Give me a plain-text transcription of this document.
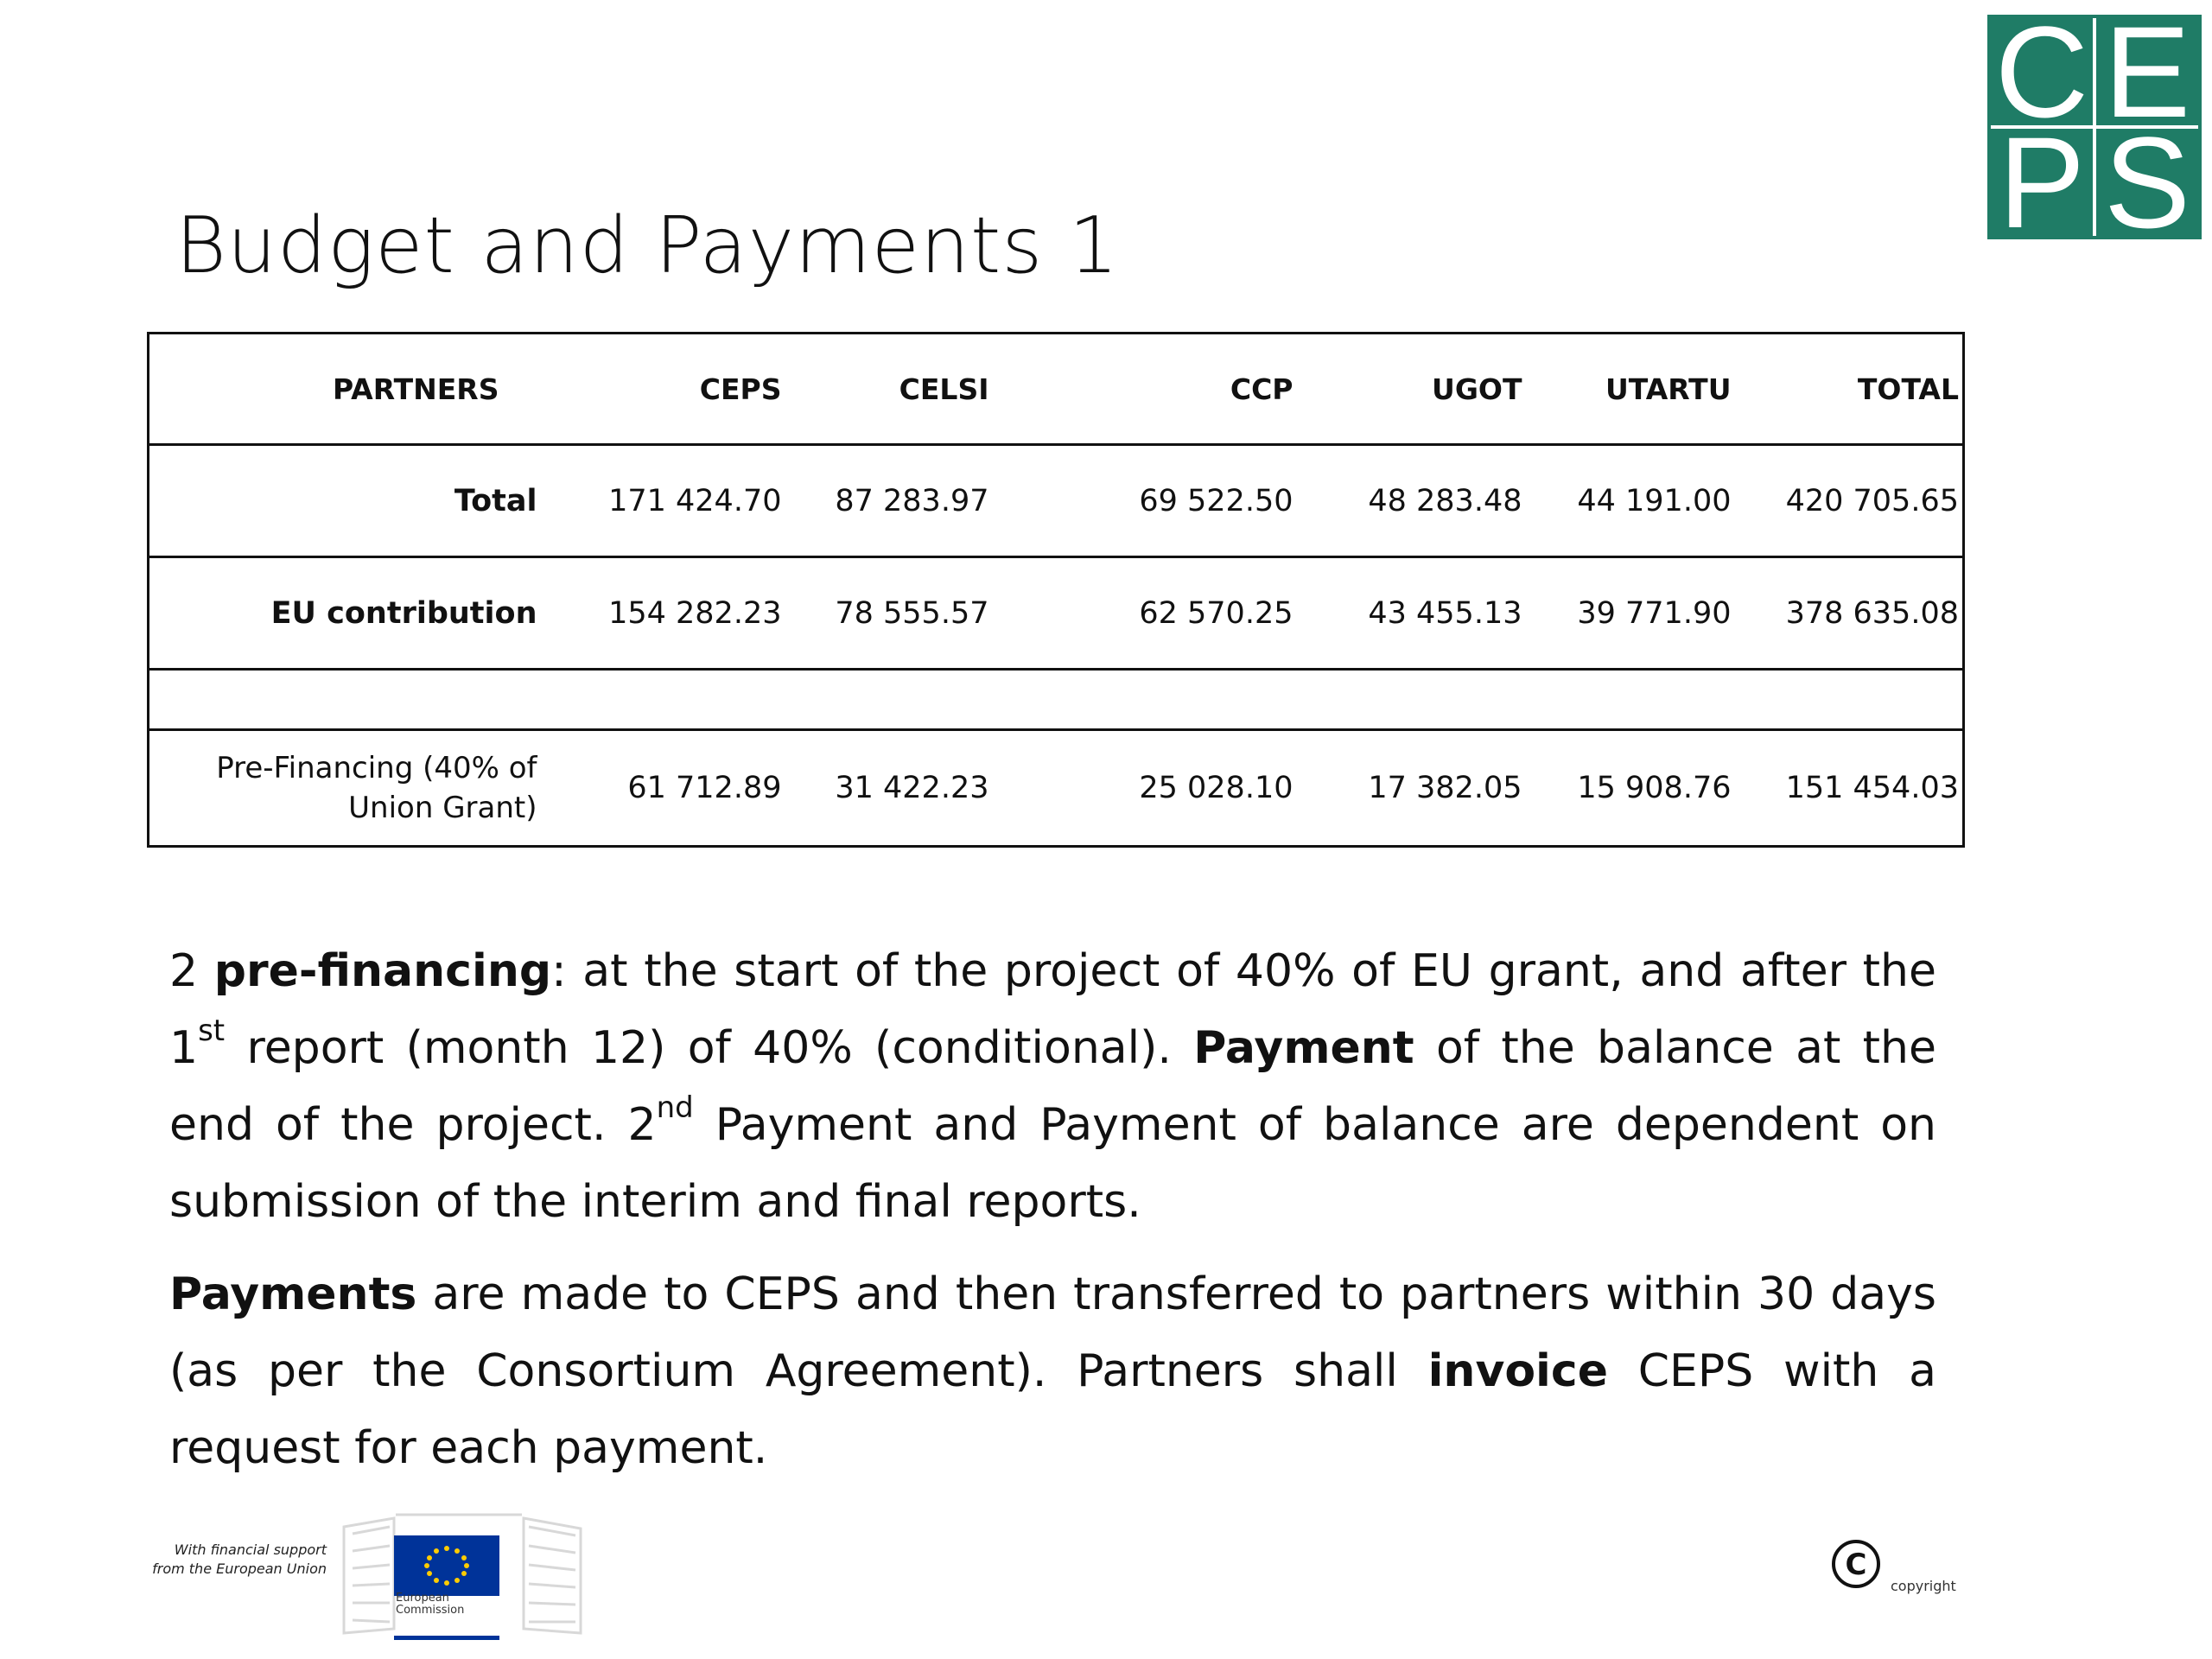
C E
P S
Budget and Payments 1
PARTNERS	CEPS	CELSI	CCP	UGOT	UTARTU	TOTAL
Total	171 424.70	87 283.97	69 522.50	48 283.48	44 191.00	420 705.65
EU contribution	154 282.23	78 555.57	62 570.25	43 455.13	39 771.90	378 635.08

Pre-Financing (40% of Union Grant)	61 712.89	31 422.23	25 028.10	17 382.05	15 908.76	151 454.03

2 pre-financing: at the start of the project of 40% of EU grant, and after the 1st report (month 12) of 40% (conditional). Payment of the balance at the end of the project. 2nd Payment and Payment of balance are dependent on submission of the interim and final reports.

Payments are made to CEPS and then transferred to partners within 30 days (as per the Consortium Agreement). Partners shall invoice CEPS with a request for each payment.

With financial support
from the European Union
European
Commission
C
copyright
